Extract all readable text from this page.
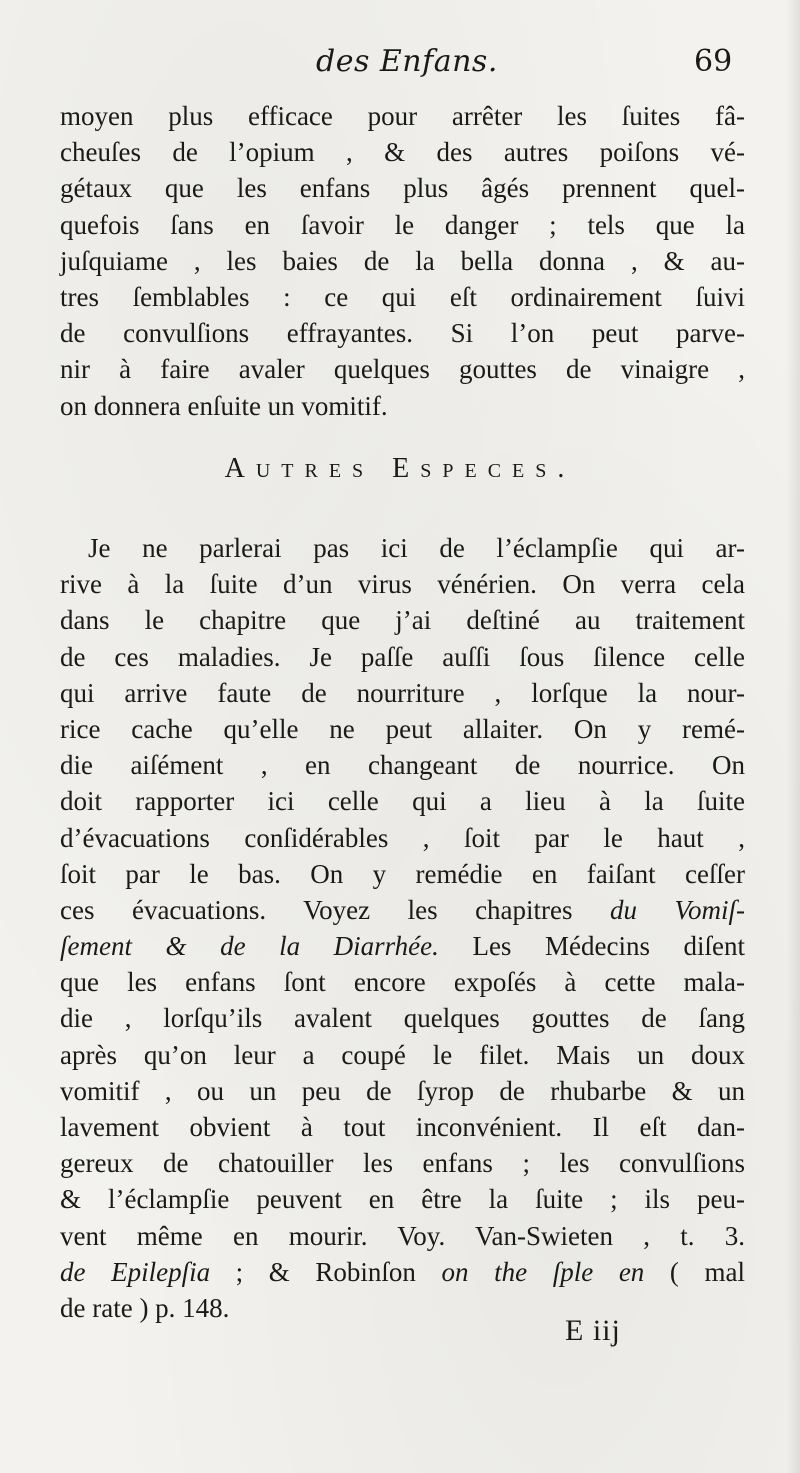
des Enfans.	69
moyen plus efficace pour arrêter les ſuites fâ-
cheuſes de l’opium , & des autres poiſons vé-
gétaux que les enfans plus âgés prennent quel-
quefois ſans en ſavoir le danger ; tels que la
juſquiame , les baies de la bella donna , & au-
tres ſemblables : ce qui eſt ordinairement ſuivi
de convulſions effrayantes. Si l’on peut parve-
nir à faire avaler quelques gouttes de vinaigre ,
on donnera enſuite un vomitif.
Autres Especes.
Je ne parlerai pas ici de l’éclampſie qui ar-
rive à la ſuite d’un virus vénérien. On verra cela
dans le chapitre que j’ai deſtiné au traitement
de ces maladies. Je paſſe auſſi ſous ſilence celle
qui arrive faute de nourriture , lorſque la nour-
rice cache qu’elle ne peut allaiter. On y remé-
die aiſément , en changeant de nourrice. On
doit rapporter ici celle qui a lieu à la ſuite
d’évacuations conſidérables , ſoit par le haut ,
ſoit par le bas. On y remédie en faiſant ceſſer
ces évacuations. Voyez les chapitres du Vomiſ-
ſement & de la Diarrhée. Les Médecins diſent
que les enfans ſont encore expoſés à cette mala-
die , lorſqu’ils avalent quelques gouttes de ſang
après qu’on leur a coupé le filet. Mais un doux
vomitif , ou un peu de ſyrop de rhubarbe & un
lavement obvient à tout inconvénient. Il eſt dan-
gereux de chatouiller les enfans ; les convulſions
& l’éclampſie peuvent en être la ſuite ; ils peu-
vent même en mourir. Voy. Van-Swieten , t. 3.
de Epilepſia ; & Robinſon on the ſple en ( mal
de rate ) p. 148.
E iij
